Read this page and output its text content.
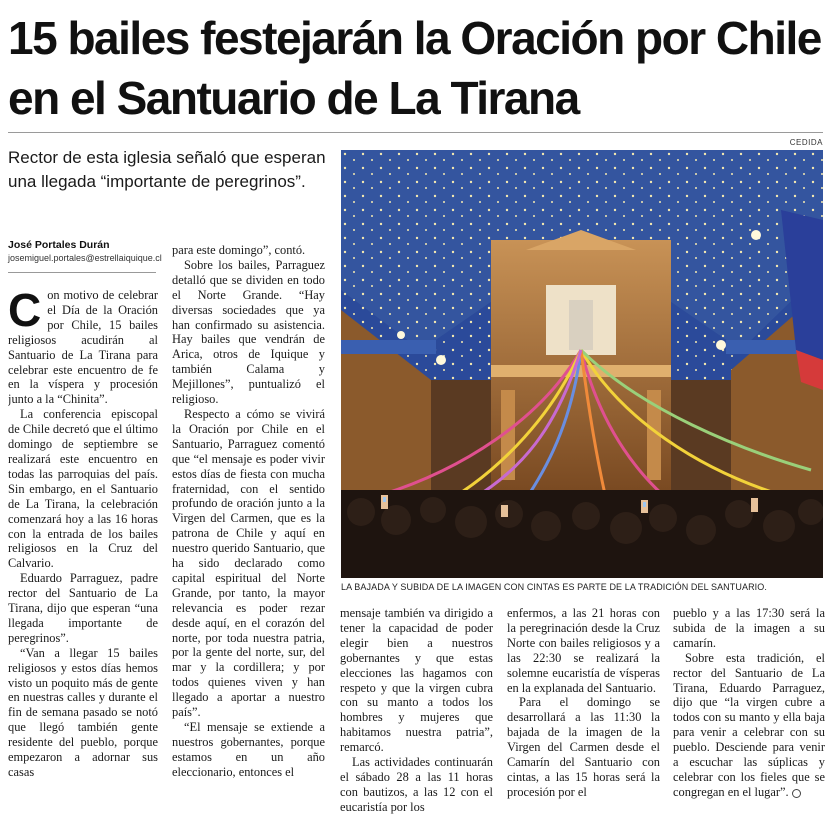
15 bailes festejarán la Oración por Chile en el Santuario de La Tirana
CEDIDA
Rector de esta iglesia señaló que esperan una llegada “importante de peregrinos”.
José Portales Durán
josemiguel.portales@estrellaiquique.cl

Con motivo de celebrar el Día de la Oración por Chile, 15 bailes religiosos acudirán al Santuario de La Tirana para celebrar este encuentro de fe en la víspera y procesión junto a la “Chinita”.

La conferencia episcopal de Chile decretó que el último domingo de septiembre se realizará este encuentro en todas las parroquias del país. Sin embargo, en el Santuario de La Tirana, la celebración comenzará hoy a las 16 horas con la entrada de los bailes religiosos en la Cruz del Calvario.

Eduardo Parraguez, padre rector del Santuario de La Tirana, dijo que esperan “una llegada importante de peregrinos”.

“Van a llegar 15 bailes religiosos y estos días hemos visto un poquito más de gente en nuestras calles y durante el fin de semana pasado se notó que llegó también gente residente del pueblo, porque empezaron a adornar sus casas

para este domingo”, contó.

Sobre los bailes, Parraguez detalló que se dividen en todo el Norte Grande. “Hay diversas sociedades que ya han confirmado su asistencia. Hay bailes que vendrán de Arica, otros de Iquique y también Calama y Mejillones”, puntualizó el religioso.

Respecto a cómo se vivirá la Oración por Chile en el Santuario, Parraguez comentó que “el mensaje es poder vivir estos días de fiesta con mucha fraternidad, con el sentido profundo de oración junto a la Virgen del Carmen, que es la patrona de Chile y aquí en nuestro querido Santuario, que ha sido declarado como capital espiritual del Norte Grande, por tanto, la mayor relevancia es poder rezar desde aquí, en el corazón del norte, por toda nuestra patria, por la gente del norte, sur, del mar y la cordillera; y por todos quienes viven y han llegado a aportar a nuestro país”.

“El mensaje se extiende a nuestros gobernantes, porque estamos en un año eleccionario, entonces el

LA BAJADA Y SUBIDA DE LA IMAGEN CON CINTAS ES PARTE DE LA TRADICIÓN DEL SANTUARIO.

mensaje también va dirigido a tener la capacidad de poder elegir bien a nuestros gobernantes y que estas elecciones las hagamos con respeto y que la virgen cubra con su manto a todos los hombres y mujeres que habitamos nuestra patria”, remarcó.

Las actividades continuarán el sábado 28 a las 11 horas con bautizos, a las 12 con el eucaristía por los

enfermos, a las 21 horas con la peregrinación desde la Cruz Norte con bailes religiosos y a las 22:30 se realizará la solemne eucaristía de vísperas en la explanada del Santuario.

Para el domingo se desarrollará a las 11:30 la bajada de la imagen de la Virgen del Carmen desde el Camarín del Santuario con cintas, a las 15 horas será la procesión por el

pueblo y a las 17:30 será la subida de la imagen a su camarín.

Sobre esta tradición, el rector del Santuario de La Tirana, Eduardo Parraguez, dijo que “la virgen cubre a todos con su manto y ella baja para venir a celebrar con su pueblo. Desciende para venir a escuchar las súplicas y celebrar con los fieles que se congregan en el lugar”.
